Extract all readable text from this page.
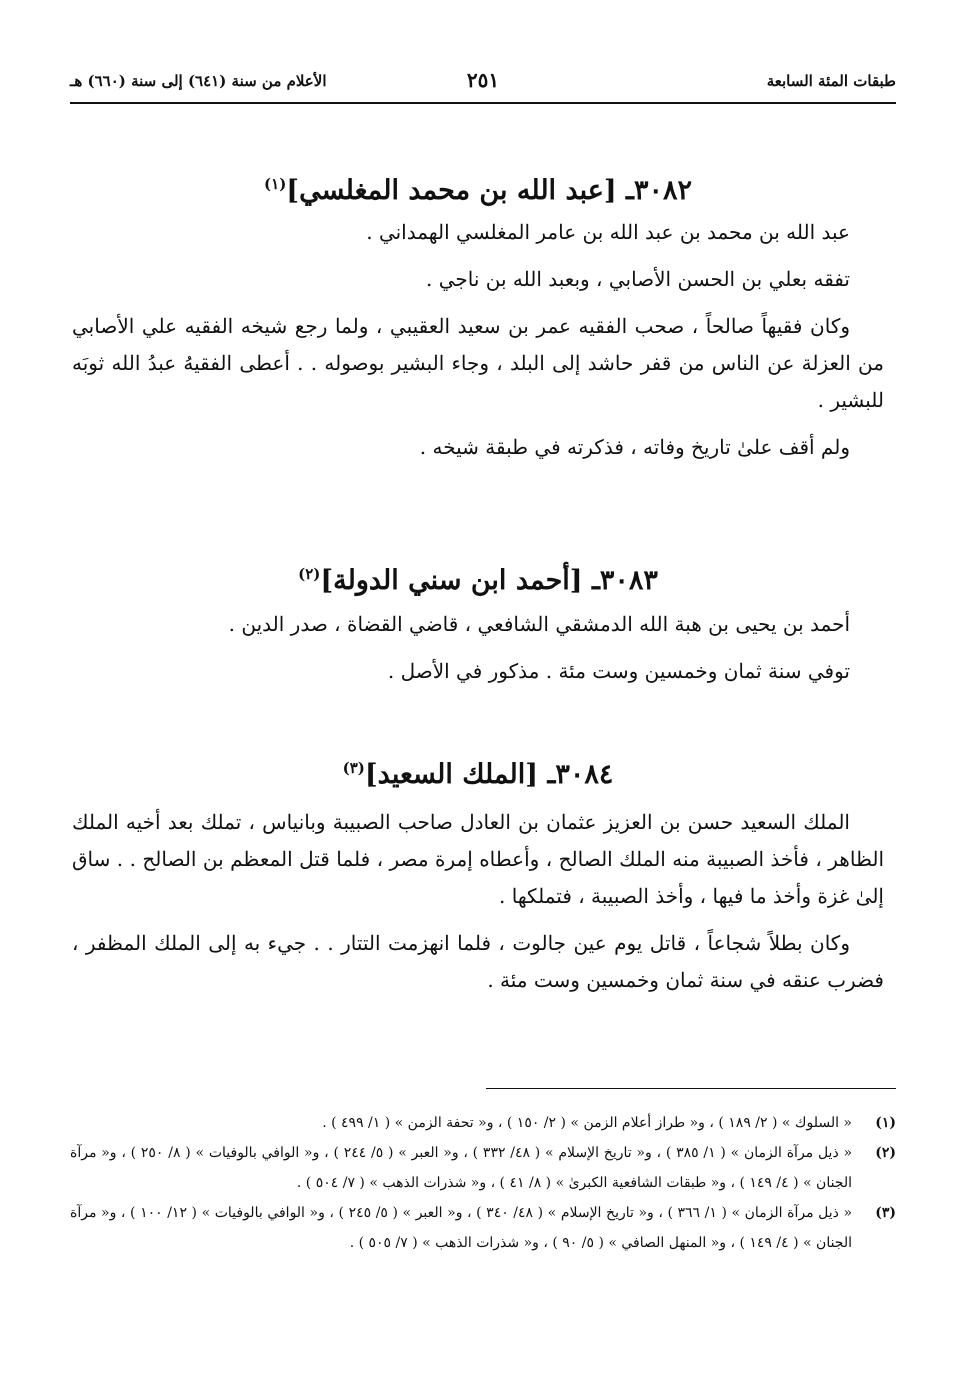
طبقات المئة السابعة
٢٥١
الأعلام من سنة (٦٤١) إلى سنة (٦٦٠) هـ
٣٠٨٢ـ [عبد الله بن محمد المغلسي]$^{(١)}$

عبد الله بن محمد بن عبد الله بن عامر المغلسي الهمداني .

تفقه بعلي بن الحسن الأصابي ، وبعبد الله بن ناجي .

وكان فقيهاً صالحاً ، صحب الفقيه عمر بن سعيد العقيبي ، ولما رجع شيخه الفقيه علي الأصابي من العزلة عن الناس من قفر حاشد إلى البلد ، وجاء البشير بوصوله . . أعطى الفقيهُ عبدُ الله ثوبَه للبشير .

ولم أقف علىٰ تاريخ وفاته ، فذكرته في طبقة شيخه .

٣٠٨٣ـ [أحمد ابن سني الدولة]$^{(٢)}$

أحمد بن يحيى بن هبة الله الدمشقي الشافعي ، قاضي القضاة ، صدر الدين .

توفي سنة ثمان وخمسين وست مئة . مذكور في الأصل .

٣٠٨٤ـ [الملك السعيد]$^{(٣)}$

الملك السعيد حسن بن العزيز عثمان بن العادل صاحب الصبيبة وبانياس ، تملك بعد أخيه الملك الظاهر ، فأخذ الصبيبة منه الملك الصالح ، وأعطاه إمرة مصر ، فلما قتل المعظم بن الصالح . . ساق إلىٰ غزة وأخذ ما فيها ، وأخذ الصبيبة ، فتملكها .

وكان بطلاً شجاعاً ، قاتل يوم عين جالوت ، فلما انهزمت التتار . . جيء به إلى الملك المظفر ، فضرب عنقه في سنة ثمان وخمسين وست مئة .

(١)
« السلوك » ( ٢/ ١٨٩ ) ، و« طراز أعلام الزمن » ( ٢/ ١٥٠ ) ، و« تحفة الزمن » ( ١/ ٤٩٩ ) .
(٢)
« ذيل مرآة الزمان » ( ١/ ٣٨٥ ) ، و« تاريخ الإسلام » ( ٤٨/ ٣٣٢ ) ، و« العبر » ( ٥/ ٢٤٤ ) ، و« الوافي بالوفيات » ( ٨/ ٢٥٠ ) ، و« مرآة الجنان » ( ٤/ ١٤٩ ) ، و« طبقات الشافعية الكبرىٰ » ( ٨/ ٤١ ) ، و« شذرات الذهب » ( ٧/ ٥٠٤ ) .
(٣)
« ذيل مرآة الزمان » ( ١/ ٣٦٦ ) ، و« تاريخ الإسلام » ( ٤٨/ ٣٤٠ ) ، و« العبر » ( ٥/ ٢٤٥ ) ، و« الوافي بالوفيات » ( ١٢/ ١٠٠ ) ، و« مرآة الجنان » ( ٤/ ١٤٩ ) ، و« المنهل الصافي » ( ٥/ ٩٠ ) ، و« شذرات الذهب » ( ٧/ ٥٠٥ ) .
